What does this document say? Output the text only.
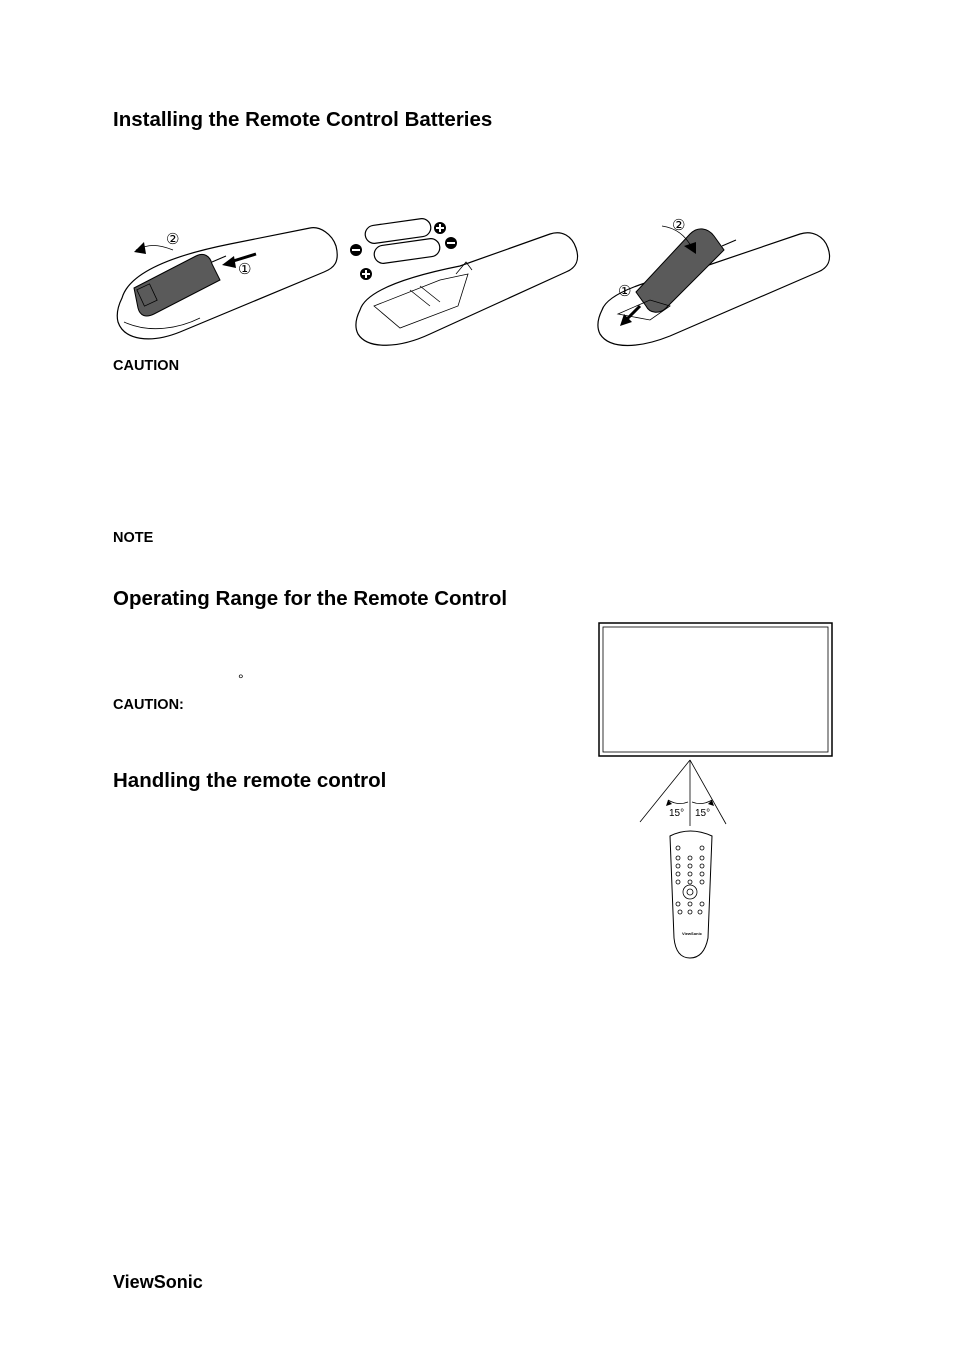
Installing the Remote Control Batteries
Operating Range for the Remote Control
Handling the remote control
CAUTION
NOTE
CAUTION:
°
ViewSonic
②
①
②
①
15° 15°
ViewSonic
